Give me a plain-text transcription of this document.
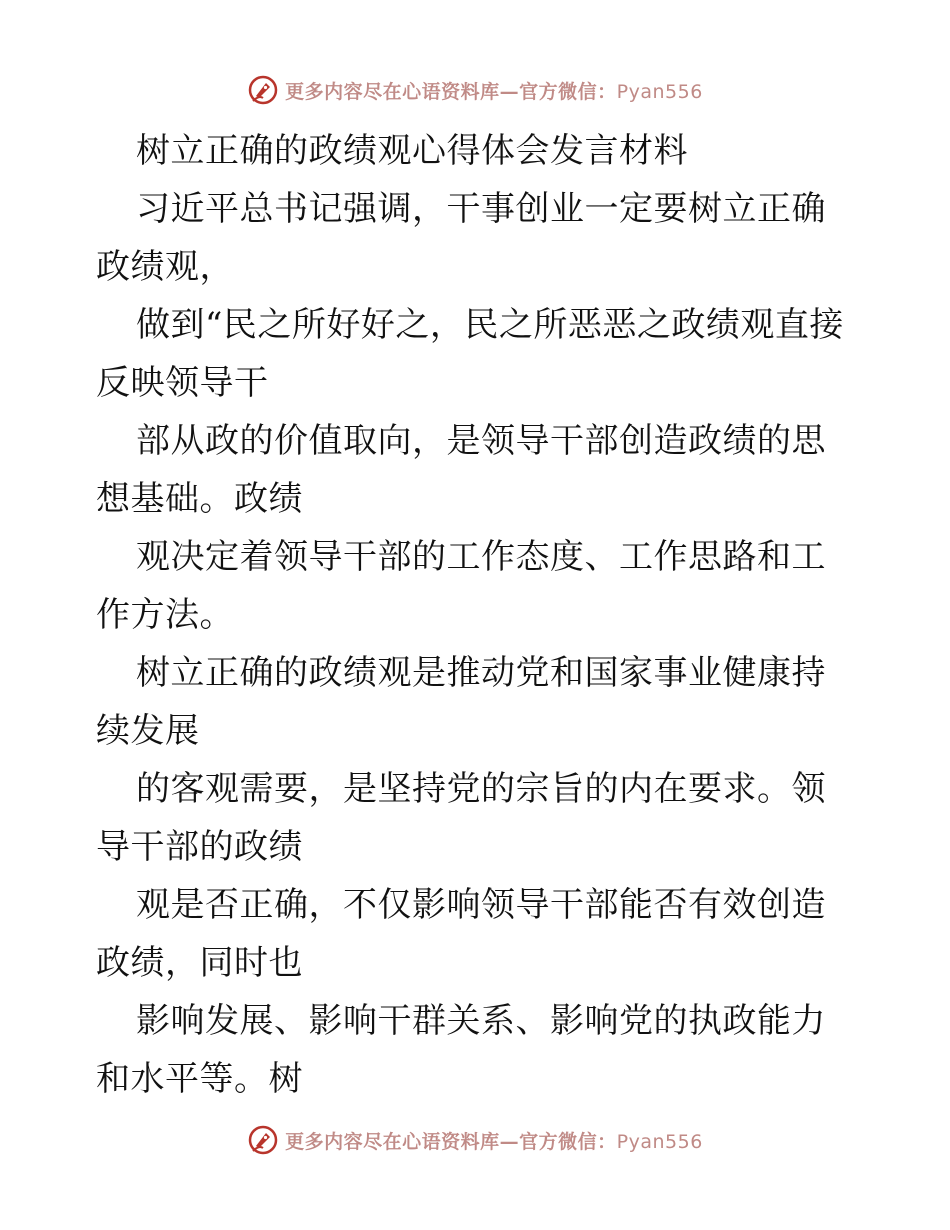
更多内容尽在心语资料库—官方微信：Pyan556

树立正确的政绩观心得体会发言材料

习近平总书记强调，干事创业一定要树立正确政绩观，

做到“民之所好好之，民之所恶恶之政绩观直接反映领导干

部从政的价值取向，是领导干部创造政绩的思想基础。政绩

观决定着领导干部的工作态度、工作思路和工作方法。

树立正确的政绩观是推动党和国家事业健康持续发展

的客观需要，是坚持党的宗旨的内在要求。领导干部的政绩

观是否正确，不仅影响领导干部能否有效创造政绩，同时也

影响发展、影响干群关系、影响党的执政能力和水平等。树

更多内容尽在心语资料库—官方微信：Pyan556
